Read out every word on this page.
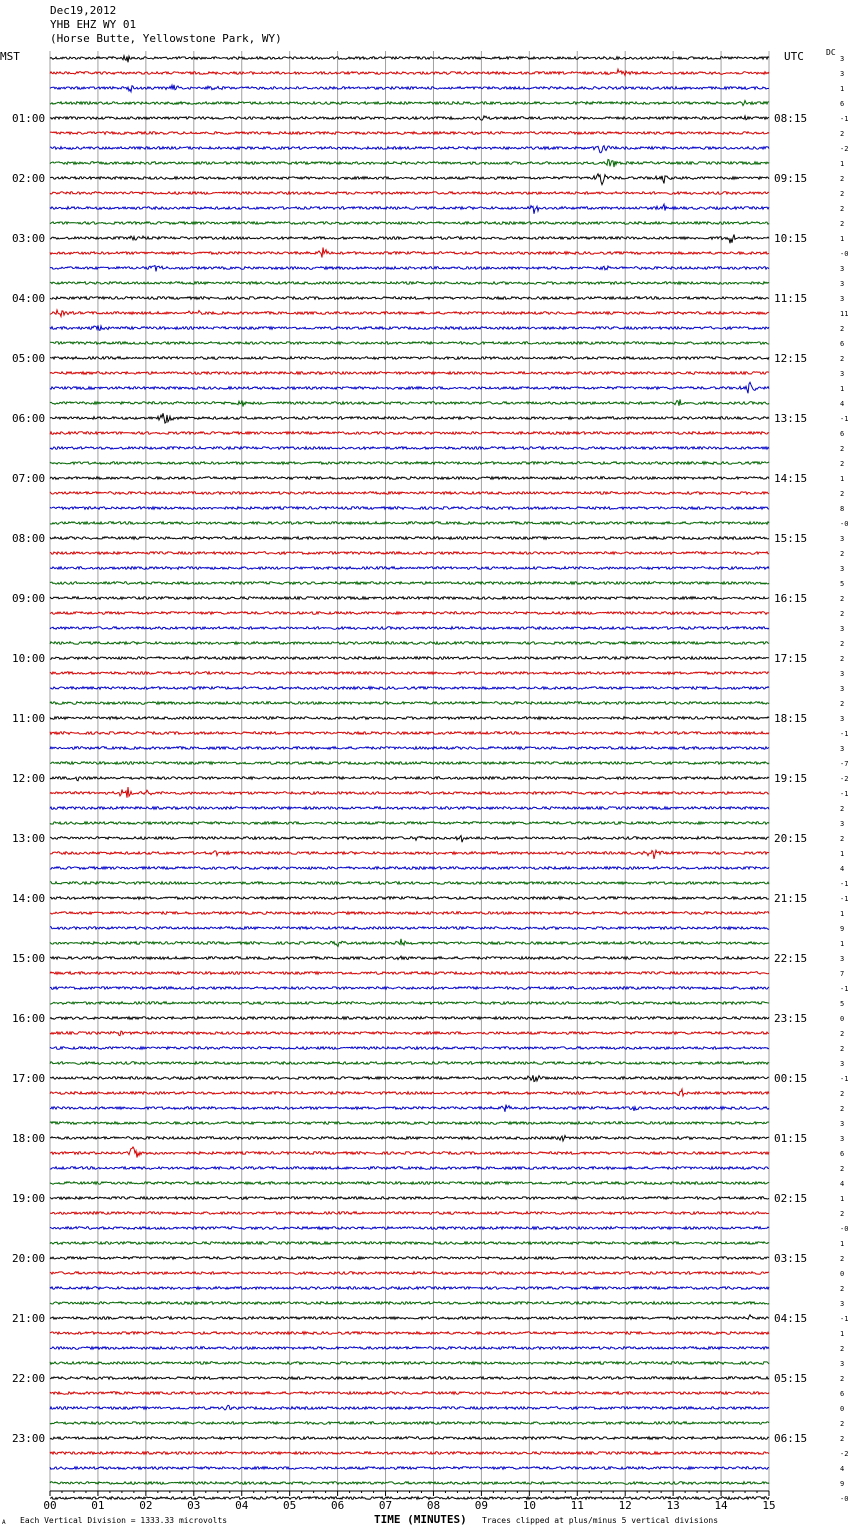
Dec19,2012
YHB EHZ WY 01
(Horse Butte, Yellowstone Park, WY)
MST	UTC	DC
00	01	02	03	04	05	06	07	08	09	10	11	12	13	14	15
3
3
1
6
-1
2
-2
1
2
2
2
2
1
-0
3
3
3
11
2
6
2
3
1
4
-1
6
2
2
1
2
8
-0
3
2
3
5
2
2
3
2
2
3
3
2
3
-1
3
-7
-2
-1
2
3
2
1
4
-1
-1
1
9
1
3
7
-1
5
0
2
2
3
-1
2
2
3
3
6
2
4
1
2
-0
1
2
0
2
3
-1
1
2
3
2
6
0
2
2
-2
4
9
-0
01:00
02:00
03:00
04:00
05:00
06:00
07:00
08:00
09:00
10:00
11:00
12:00
13:00
14:00
15:00
16:00
17:00
18:00
19:00
20:00
21:00
22:00
23:00
08:15
09:15
10:15
11:15
12:15
13:15
14:15
15:15
16:15
17:15
18:15
19:15
20:15
21:15
22:15
23:15
00:15
01:15
02:15
03:15
04:15
05:15
06:15
TIME (MINUTES)
A Each Vertical Division = 1333.33 microvolts	Traces clipped at plus/minus 5 vertical divisions
